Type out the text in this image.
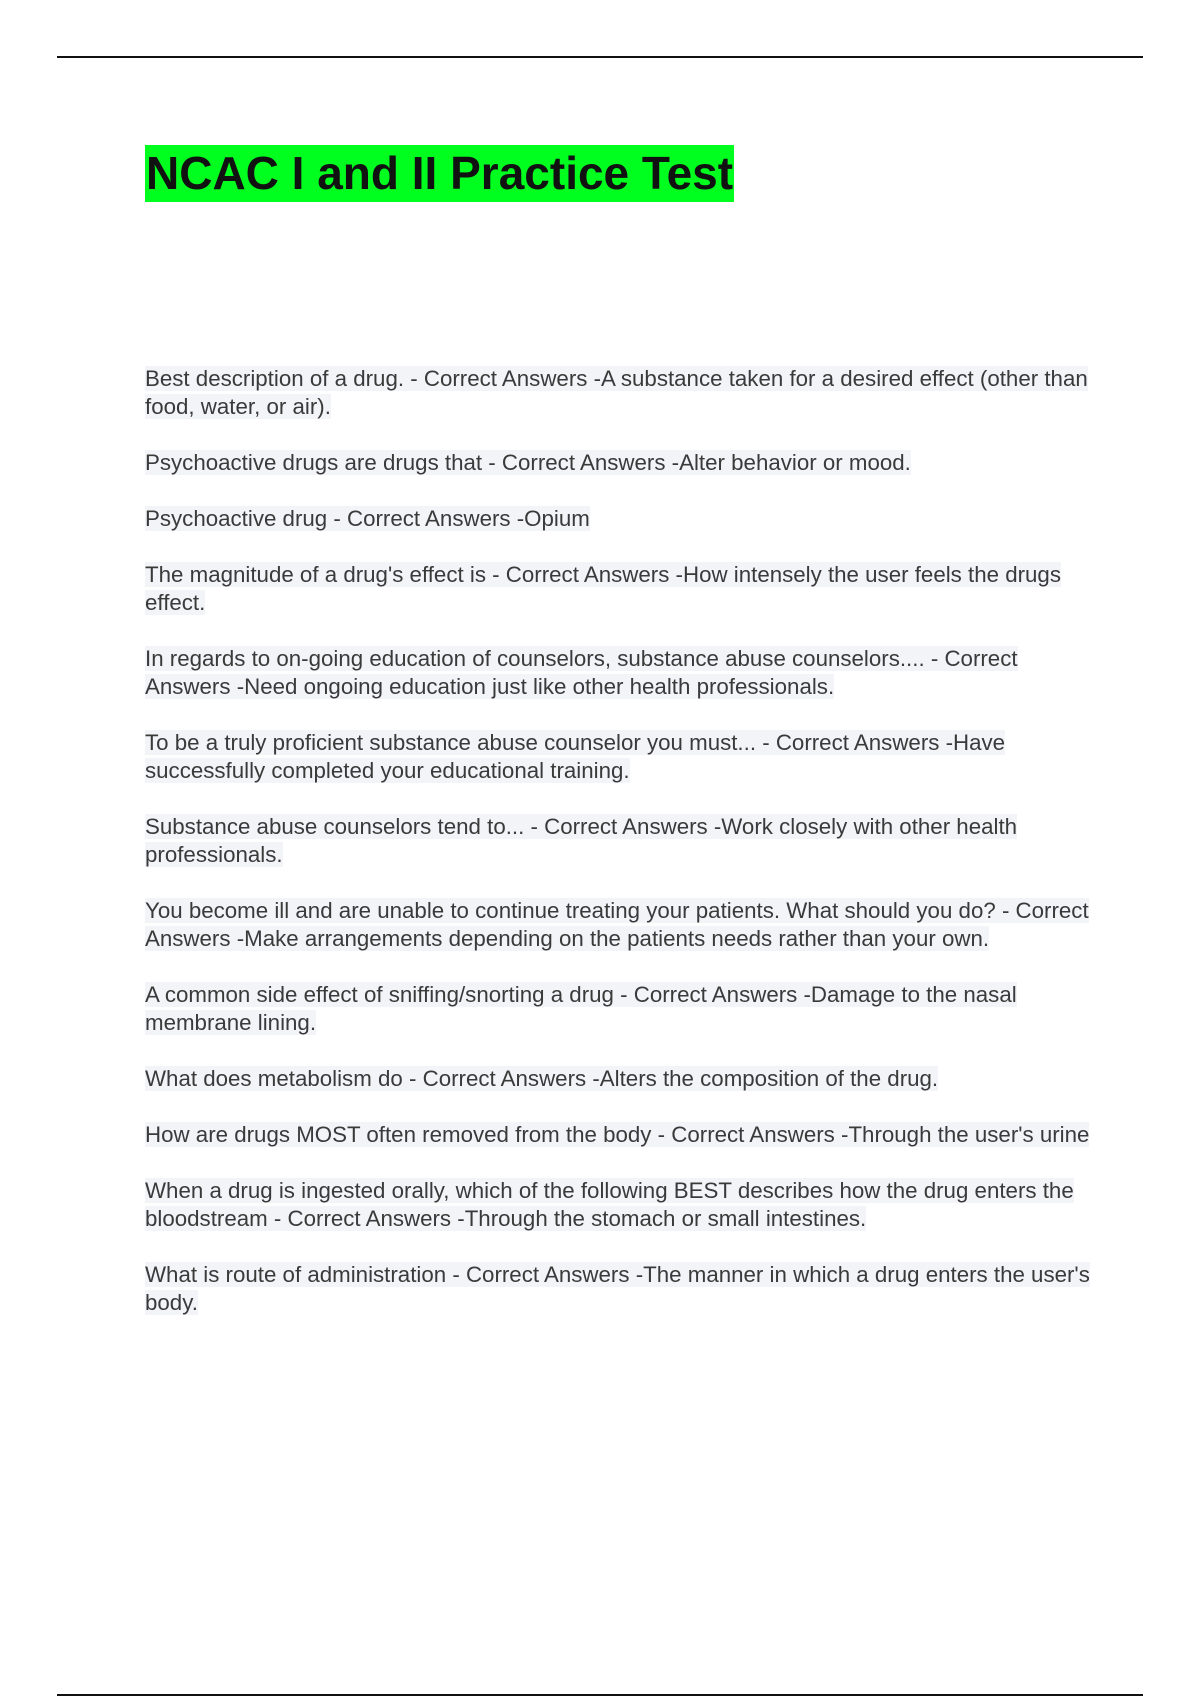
NCAC I and II Practice Test
Best description of a drug. - Correct Answers -A substance taken for a desired effect (other than food, water, or air).
Psychoactive drugs are drugs that - Correct Answers -Alter behavior or mood.
Psychoactive drug - Correct Answers -Opium
The magnitude of a drug's effect is - Correct Answers -How intensely the user feels the drugs effect.
In regards to on-going education of counselors, substance abuse counselors.... - Correct Answers -Need ongoing education just like other health professionals.
To be a truly proficient substance abuse counselor you must... - Correct Answers -Have successfully completed your educational training.
Substance abuse counselors tend to... - Correct Answers -Work closely with other health professionals.
You become ill and are unable to continue treating your patients. What should you do? - Correct Answers -Make arrangements depending on the patients needs rather than your own.
A common side effect of sniffing/snorting a drug - Correct Answers -Damage to the nasal membrane lining.
What does metabolism do - Correct Answers -Alters the composition of the drug.
How are drugs MOST often removed from the body - Correct Answers -Through the user's urine
When a drug is ingested orally, which of the following BEST describes how the drug enters the bloodstream - Correct Answers -Through the stomach or small intestines.
What is route of administration - Correct Answers -The manner in which a drug enters the user's body.
